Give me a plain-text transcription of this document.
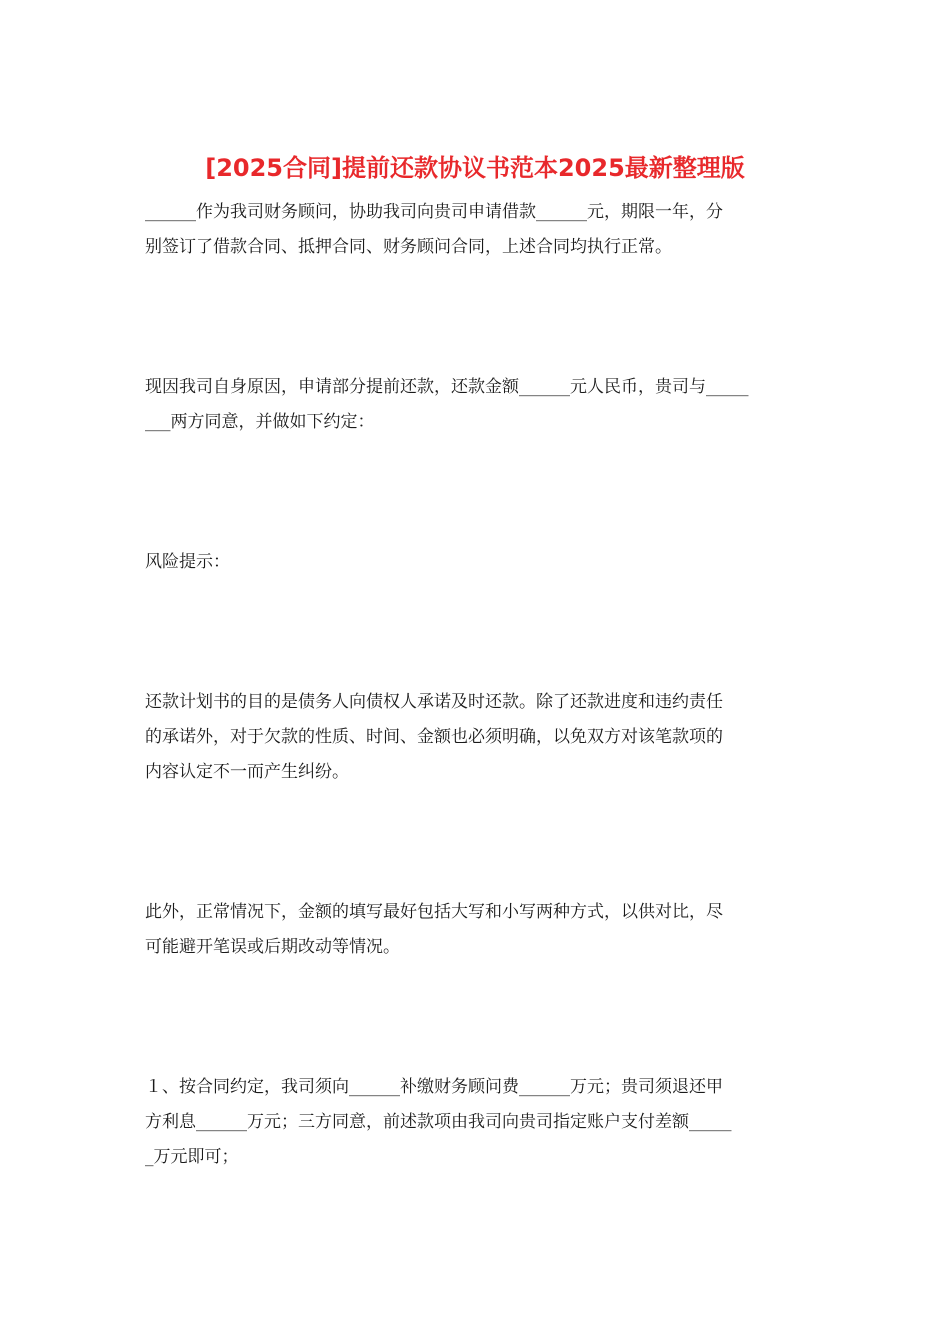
[2025合同]提前还款协议书范本2025最新整理版

______作为我司财务顾问，协助我司向贵司申请借款______元，期限一年，分
别签订了借款合同、抵押合同、财务顾问合同，上述合同均执行正常。

现因我司自身原因，申请部分提前还款，还款金额______元人民币，贵司与_____
___两方同意，并做如下约定：

风险提示：

还款计划书的目的是债务人向债权人承诺及时还款。除了还款进度和违约责任
的承诺外，对于欠款的性质、时间、金额也必须明确，以免双方对该笔款项的
内容认定不一而产生纠纷。

此外，正常情况下，金额的填写最好包括大写和小写两种方式，以供对比，尽
可能避开笔误或后期改动等情况。

１、按合同约定，我司须向______补缴财务顾问费______万元；贵司须退还甲
方利息______万元；三方同意，前述款项由我司向贵司指定账户支付差额_____
_万元即可；
